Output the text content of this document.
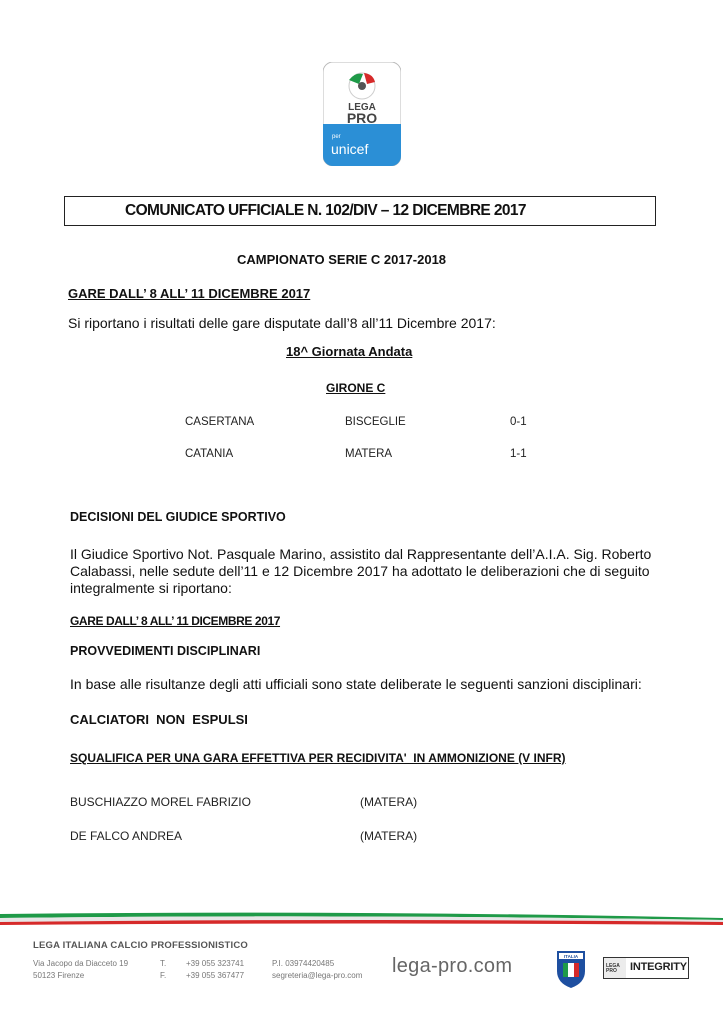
LEGA
PRO
per
unicef
COMUNICATO UFFICIALE N. 102/DIV – 12 DICEMBRE 2017
CAMPIONATO SERIE C 2017-2018
GARE DALL’ 8 ALL’ 11 DICEMBRE 2017
Si riportano i risultati delle gare disputate dall’8 all’11 Dicembre 2017:
18^ Giornata Andata
GIRONE C
CASERTANA	BISCEGLIE	0-1
CATANIA	MATERA	1-1
DECISIONI DEL GIUDICE SPORTIVO
Il Giudice Sportivo Not. Pasquale Marino, assistito dal Rappresentante dell’A.I.A. Sig. Roberto
Calabassi, nelle sedute dell’11 e 12 Dicembre 2017 ha adottato le deliberazioni che di seguito
integralmente si riportano:
GARE DALL’ 8 ALL’ 11 DICEMBRE 2017
PROVVEDIMENTI DISCIPLINARI
In base alle risultanze degli atti ufficiali sono state deliberate le seguenti sanzioni disciplinari:
CALCIATORI  NON  ESPULSI
SQUALIFICA PER UNA GARA EFFETTIVA PER RECIDIVITA'  IN AMMONIZIONE (V INFR)
BUSCHIAZZO MOREL FABRIZIO	(MATERA)
DE FALCO ANDREA	(MATERA)
LEGA ITALIANA CALCIO PROFESSIONISTICO
Via Jacopo da Diacceto 19
50123 Firenze
T.
F.
+39 055 323741
+39 055 367477
P.I. 03974420485
segreteria@lega-pro.com lega-pro.com	ITALIA
LEGA PRO	INTEGRITY
